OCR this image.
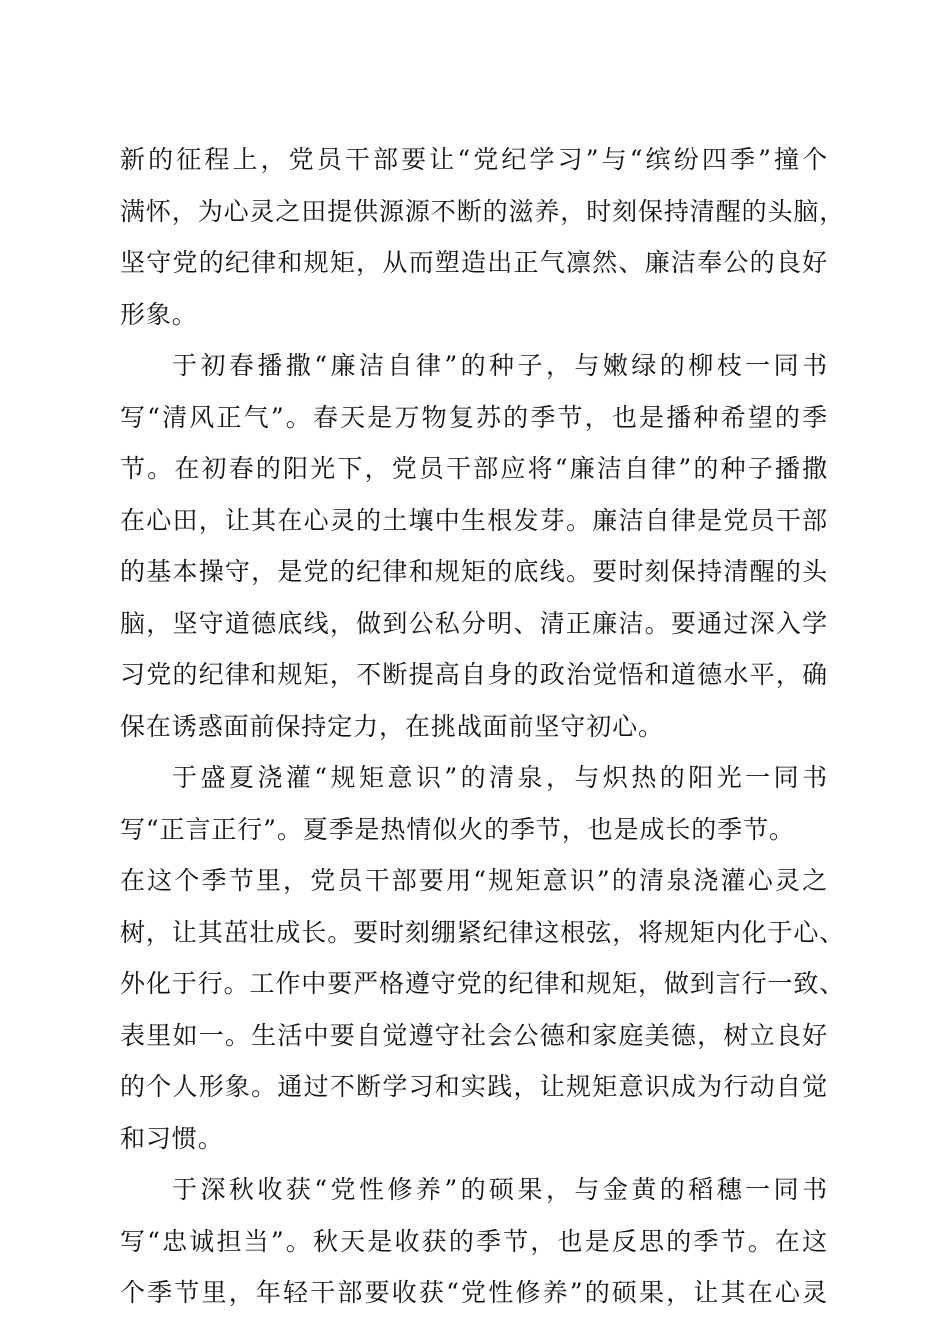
新的征程上，党员干部要让“党纪学习”与“缤纷四季”撞个
满怀，为心灵之田提供源源不断的滋养，时刻保持清醒的头脑，
坚守党的纪律和规矩，从而塑造出正气凛然、廉洁奉公的良好
形象。
于初春播撒“廉洁自律”的种子，与嫩绿的柳枝一同书
写“清风正气”。春天是万物复苏的季节，也是播种希望的季
节。在初春的阳光下，党员干部应将“廉洁自律”的种子播撒
在心田，让其在心灵的土壤中生根发芽。廉洁自律是党员干部
的基本操守，是党的纪律和规矩的底线。要时刻保持清醒的头
脑，坚守道德底线，做到公私分明、清正廉洁。要通过深入学
习党的纪律和规矩，不断提高自身的政治觉悟和道德水平，确
保在诱惑面前保持定力，在挑战面前坚守初心。
于盛夏浇灌“规矩意识”的清泉，与炽热的阳光一同书
写“正言正行”。夏季是热情似火的季节，也是成长的季节。
在这个季节里，党员干部要用“规矩意识”的清泉浇灌心灵之
树，让其茁壮成长。要时刻绷紧纪律这根弦，将规矩内化于心、
外化于行。工作中要严格遵守党的纪律和规矩，做到言行一致、
表里如一。生活中要自觉遵守社会公德和家庭美德，树立良好
的个人形象。通过不断学习和实践，让规矩意识成为行动自觉
和习惯。
于深秋收获“党性修养”的硕果，与金黄的稻穗一同书
写“忠诚担当”。秋天是收获的季节，也是反思的季节。在这
个季节里，年轻干部要收获“党性修养”的硕果，让其在心灵
